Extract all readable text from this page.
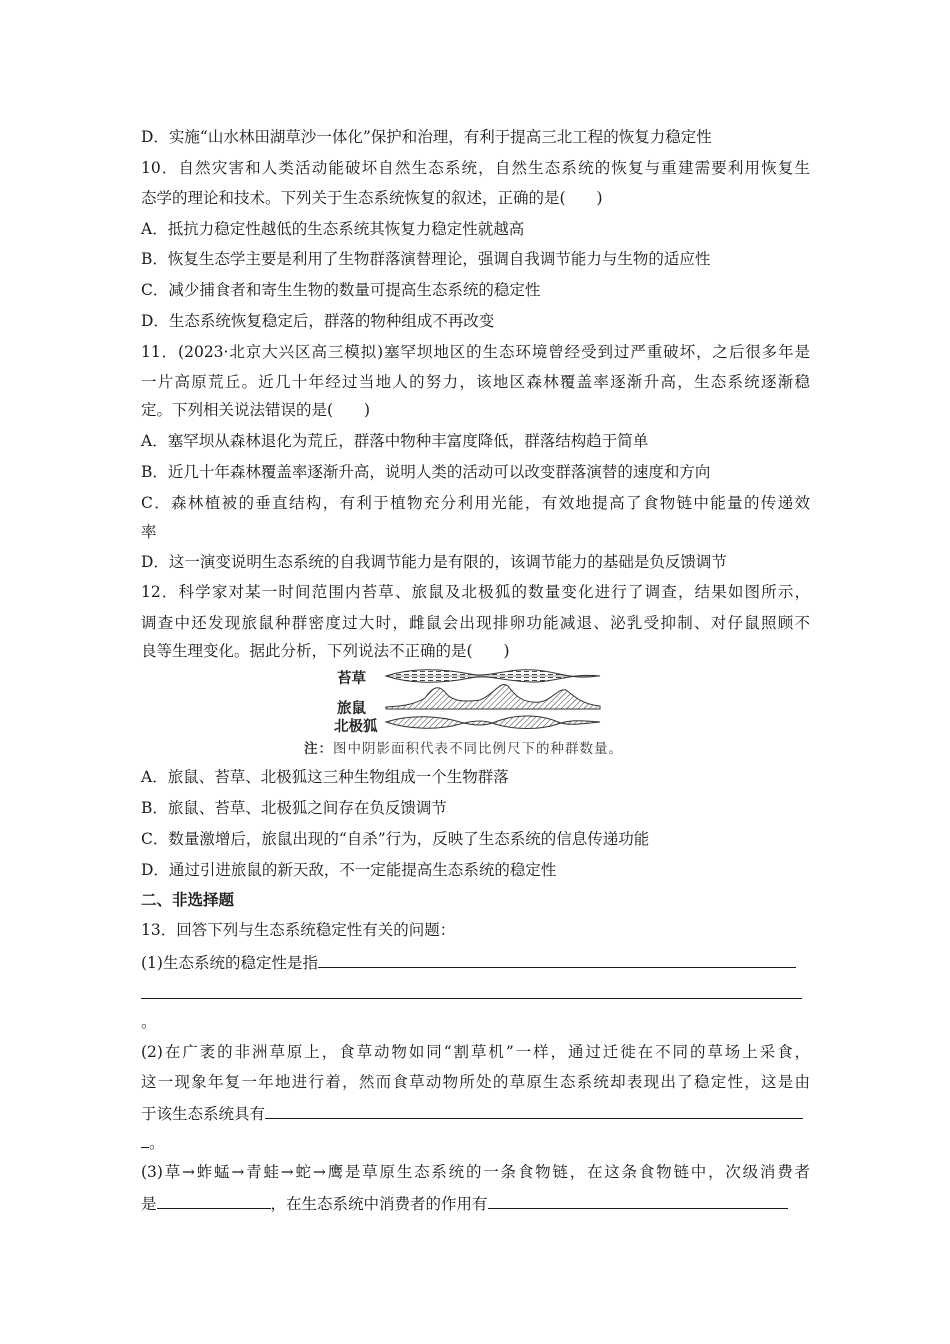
D．实施“山水林田湖草沙一体化”保护和治理，有利于提高三北工程的恢复力稳定性
10．自然灾害和人类活动能破坏自然生态系统，自然生态系统的恢复与重建需要利用恢复生
态学的理论和技术。下列关于生态系统恢复的叙述，正确的是(　　)
A．抵抗力稳定性越低的生态系统其恢复力稳定性就越高
B．恢复生态学主要是利用了生物群落演替理论，强调自我调节能力与生物的适应性
C．减少捕食者和寄生生物的数量可提高生态系统的稳定性
D．生态系统恢复稳定后，群落的物种组成不再改变
11．(2023·北京大兴区高三模拟)塞罕坝地区的生态环境曾经受到过严重破坏，之后很多年是
一片高原荒丘。近几十年经过当地人的努力，该地区森林覆盖率逐渐升高，生态系统逐渐稳
定。下列相关说法错误的是(　　)
A．塞罕坝从森林退化为荒丘，群落中物种丰富度降低，群落结构趋于简单
B．近几十年森林覆盖率逐渐升高，说明人类的活动可以改变群落演替的速度和方向
C．森林植被的垂直结构，有利于植物充分利用光能，有效地提高了食物链中能量的传递效
率
D．这一演变说明生态系统的自我调节能力是有限的，该调节能力的基础是负反馈调节
12．科学家对某一时间范围内苔草、旅鼠及北极狐的数量变化进行了调查，结果如图所示，
调查中还发现旅鼠种群密度过大时，雌鼠会出现排卵功能减退、泌乳受抑制、对仔鼠照顾不
良等生理变化。据此分析，下列说法不正确的是(　　)
苔草
旅鼠
北极狐
注：图中阴影面积代表不同比例尺下的种群数量。
A．旅鼠、苔草、北极狐这三种生物组成一个生物群落
B．旅鼠、苔草、北极狐之间存在负反馈调节
C．数量激增后，旅鼠出现的“自杀”行为，反映了生态系统的信息传递功能
D．通过引进旅鼠的新天敌，不一定能提高生态系统的稳定性
二、非选择题
13．回答下列与生态系统稳定性有关的问题：
(1)生态系统的稳定性是指
。
(2)在广袤的非洲草原上，食草动物如同“割草机”一样，通过迁徙在不同的草场上采食，
这一现象年复一年地进行着，然而食草动物所处的草原生态系统却表现出了稳定性，这是由
于该生态系统具有
。
(3)草→蚱蜢→青蛙→蛇→鹰是草原生态系统的一条食物链，在这条食物链中，次级消费者
是	，在生态系统中消费者的作用有
